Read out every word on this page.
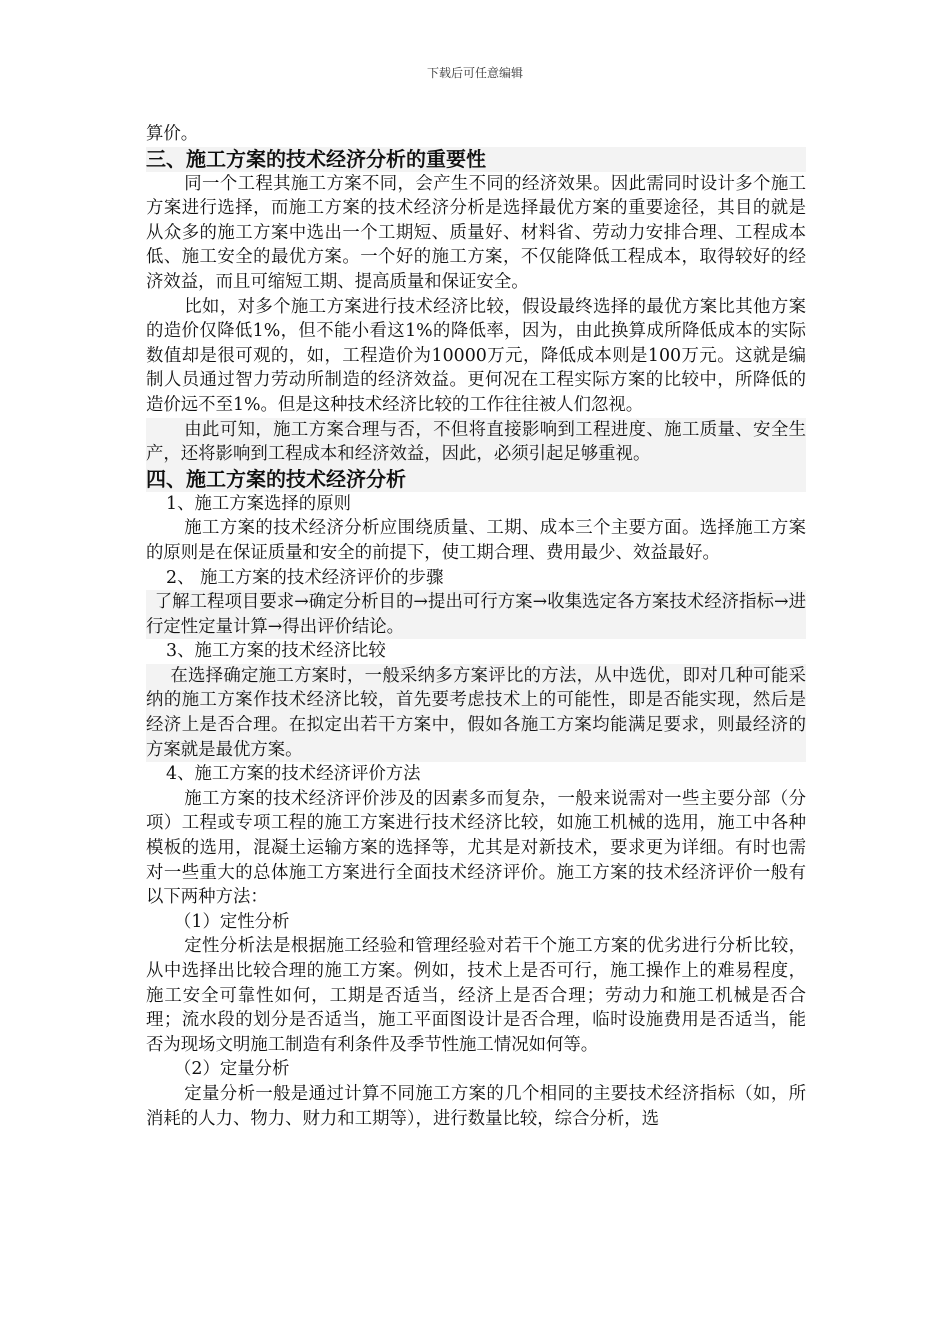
下载后可任意编辑

算价。

三、施工方案的技术经济分析的重要性

同一个工程其施工方案不同，会产生不同的经济效果。因此需同时设计多个施工方案进行选择，而施工方案的技术经济分析是选择最优方案的重要途径，其目的就是从众多的施工方案中选出一个工期短、质量好、材料省、劳动力安排合理、工程成本低、施工安全的最优方案。一个好的施工方案，不仅能降低工程成本，取得较好的经济效益，而且可缩短工期、提高质量和保证安全。

比如，对多个施工方案进行技术经济比较，假设最终选择的最优方案比其他方案的造价仅降低1%，但不能小看这1%的降低率，因为，由此换算成所降低成本的实际数值却是很可观的，如，工程造价为10000万元，降低成本则是100万元。这就是编制人员通过智力劳动所制造的经济效益。更何况在工程实际方案的比较中，所降低的造价远不至1%。但是这种技术经济比较的工作往往被人们忽视。

由此可知，施工方案合理与否，不但将直接影响到工程进度、施工质量、安全生产，还将影响到工程成本和经济效益，因此，必须引起足够重视。

四、施工方案的技术经济分析

1、施工方案选择的原则

施工方案的技术经济分析应围绕质量、工期、成本三个主要方面。选择施工方案的原则是在保证质量和安全的前提下，使工期合理、费用最少、效益最好。

2、 施工方案的技术经济评价的步骤

了解工程项目要求→确定分析目的→提出可行方案→收集选定各方案技术经济指标→进行定性定量计算→得出评价结论。

3、施工方案的技术经济比较

在选择确定施工方案时，一般采纳多方案评比的方法，从中选优，即对几种可能采纳的施工方案作技术经济比较，首先要考虑技术上的可能性，即是否能实现，然后是经济上是否合理。在拟定出若干方案中，假如各施工方案均能满足要求，则最经济的方案就是最优方案。

4、施工方案的技术经济评价方法

施工方案的技术经济评价涉及的因素多而复杂，一般来说需对一些主要分部（分项）工程或专项工程的施工方案进行技术经济比较，如施工机械的选用，施工中各种模板的选用，混凝土运输方案的选择等，尤其是对新技术，要求更为详细。有时也需对一些重大的总体施工方案进行全面技术经济评价。施工方案的技术经济评价一般有以下两种方法：

（1）定性分析

定性分析法是根据施工经验和管理经验对若干个施工方案的优劣进行分析比较，从中选择出比较合理的施工方案。例如，技术上是否可行，施工操作上的难易程度，施工安全可靠性如何，工期是否适当，经济上是否合理；劳动力和施工机械是否合理；流水段的划分是否适当，施工平面图设计是否合理，临时设施费用是否适当，能否为现场文明施工制造有利条件及季节性施工情况如何等。

（2）定量分析

定量分析一般是通过计算不同施工方案的几个相同的主要技术经济指标（如，所消耗的人力、物力、财力和工期等），进行数量比较，综合分析，选
